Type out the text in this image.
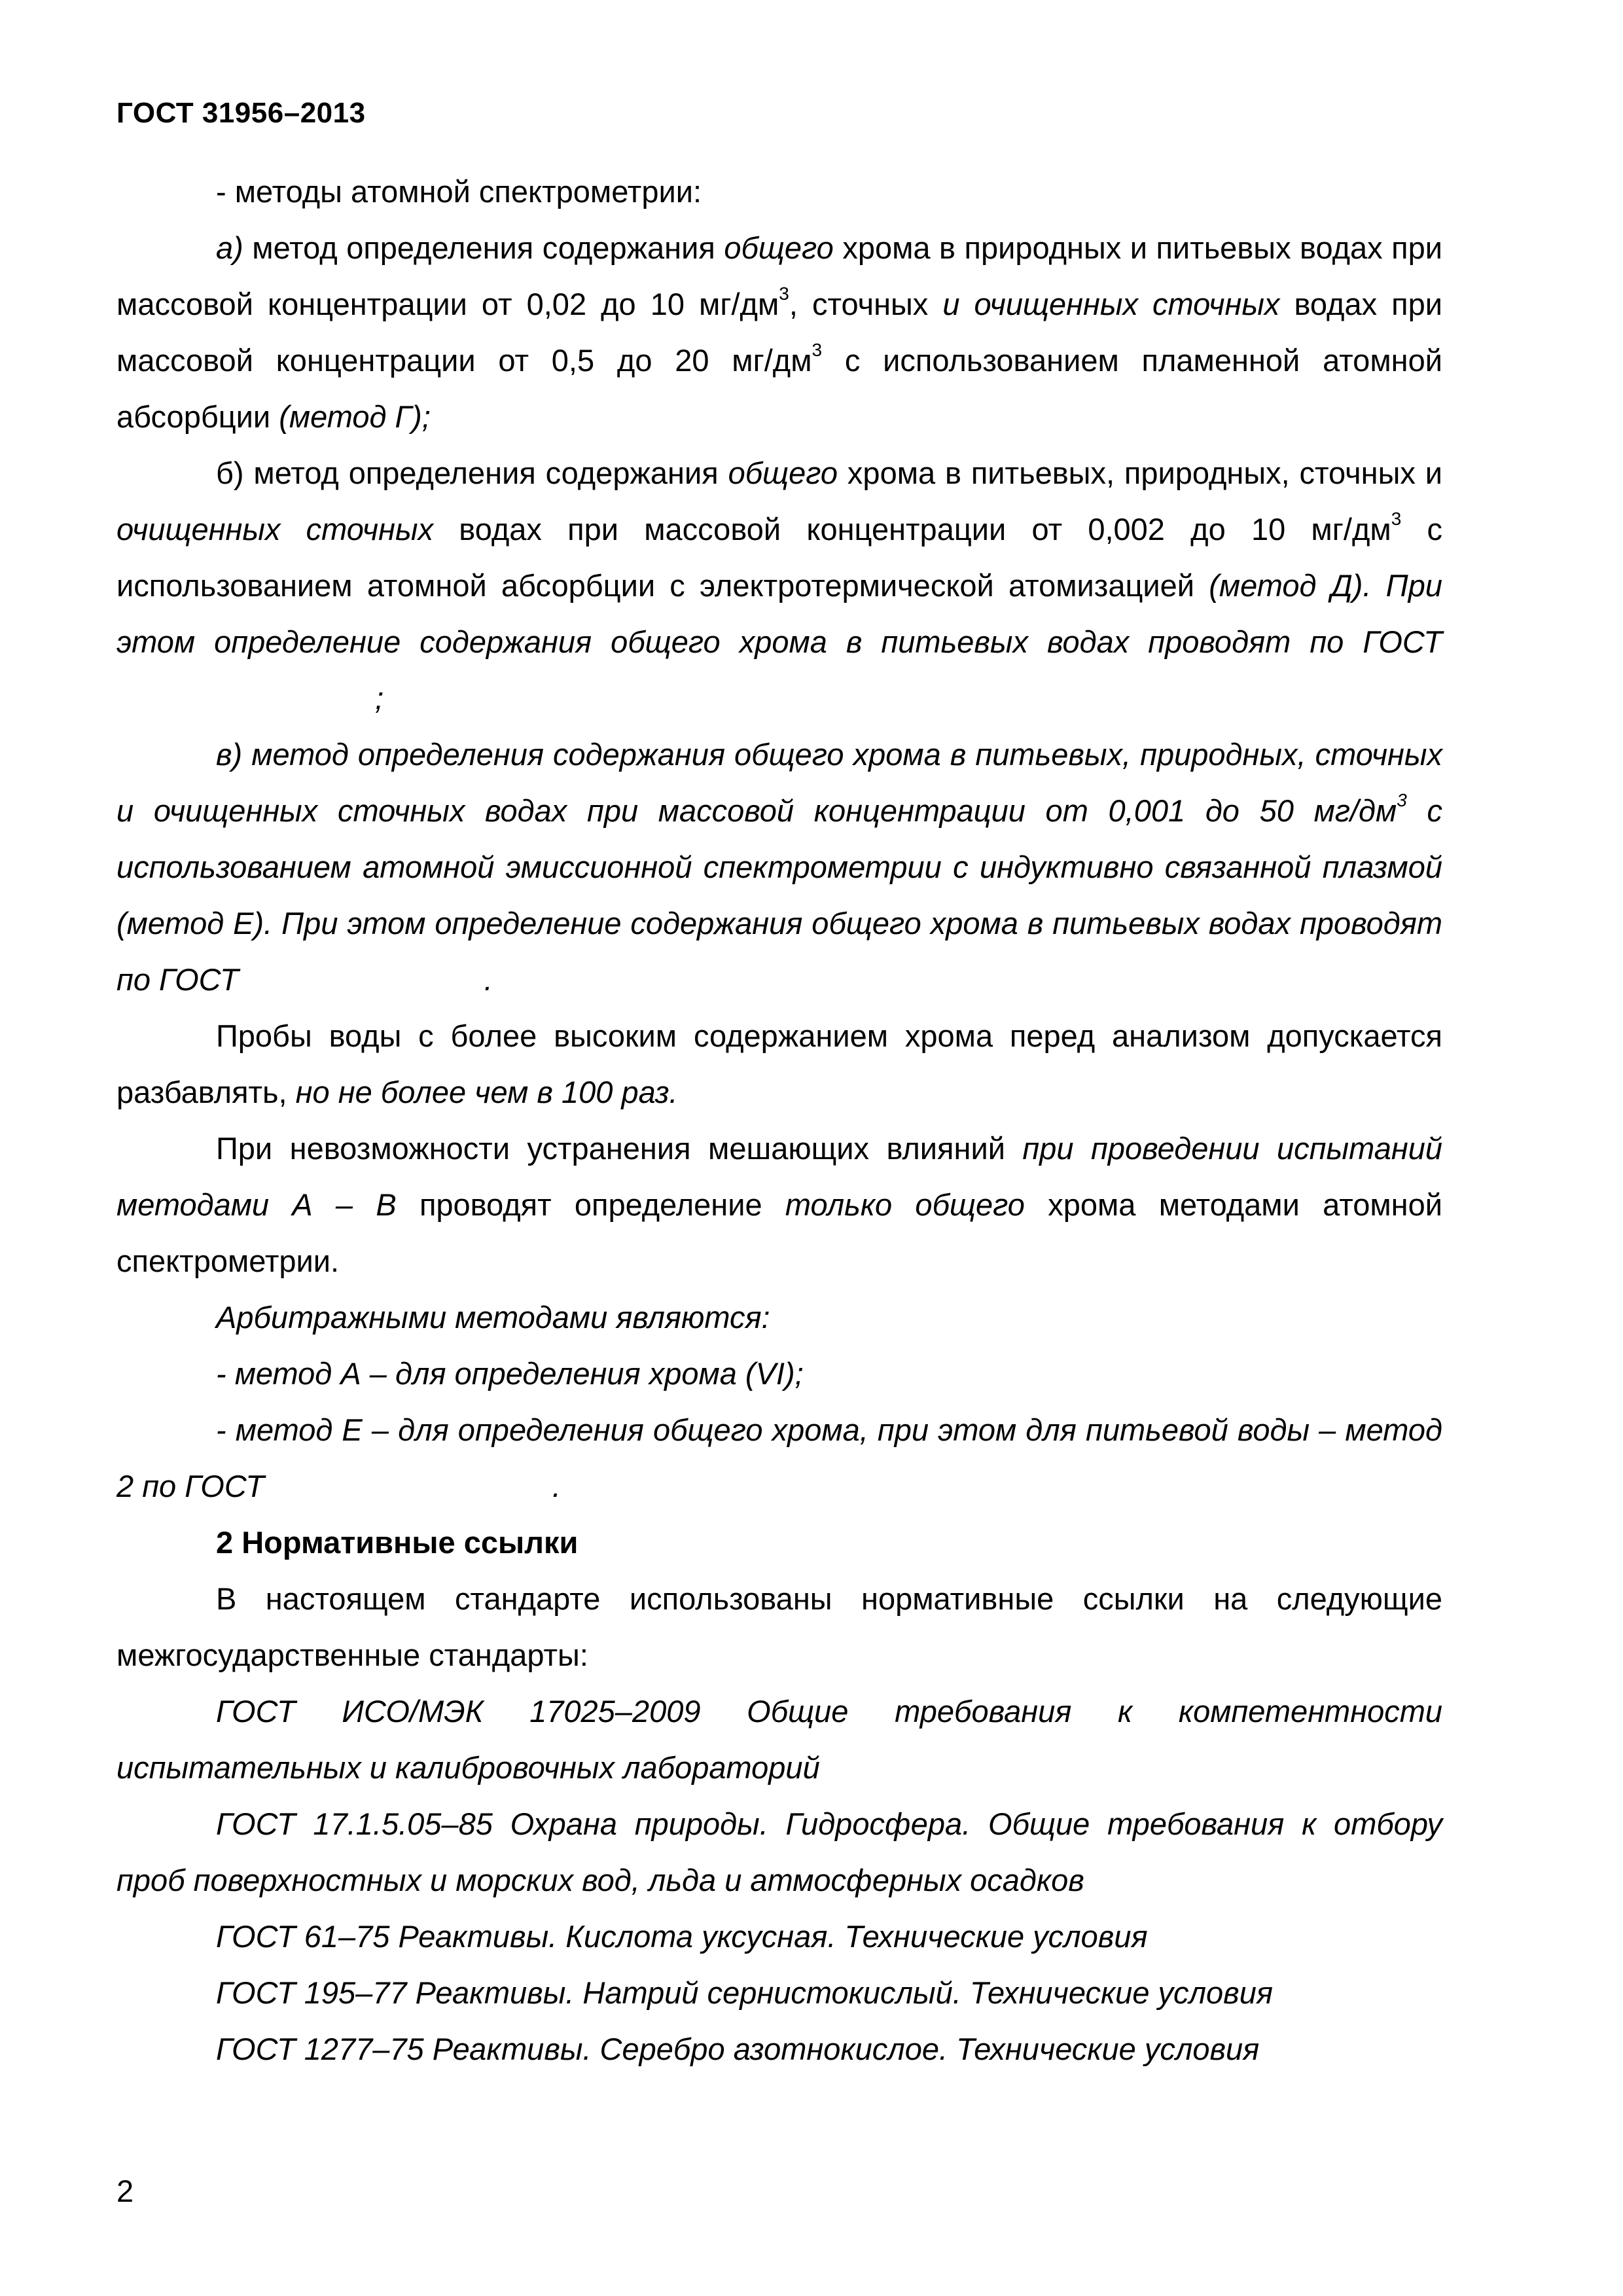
ГОСТ 31956–2013

- методы атомной спектрометрии:

а) метод определения содержания общего хрома в природных и питьевых водах при массовой концентрации от 0,02 до 10 $мг/дм^3$, сточных и очищенных сточных водах при массовой концентрации от 0,5 до 20 $мг/дм^3$ с использованием пламенной атомной абсорбции (метод Г);

б) метод определения содержания общего хрома в питьевых, природных, сточных и очищенных сточных водах при массовой концентрации от 0,002 до 10 $мг/дм^3$ с использованием атомной абсорбции с электротермической атомизацией (метод Д). При этом определение содержания общего хрома в питьевых водах проводят по ГОСТ;

в) метод определения содержания общего хрома в питьевых, природных, сточных и очищенных сточных водах при массовой концентрации от 0,001 до 50 $мг/дм^3$ с использованием атомной эмиссионной спектрометрии с индуктивно связанной плазмой (метод Е). При этом определение содержания общего хрома в питьевых водах проводят по ГОСТ	.

Пробы воды с более высоким содержанием хрома перед анализом допускается разбавлять, но не более чем в 100 раз.

При невозможности устранения мешающих влияний при проведении испытаний методами А – В проводят определение только общего хрома методами атомной спектрометрии.

Арбитражными методами являются:

- метод А – для определения хрома (VI);

- метод Е – для определения общего хрома, при этом для питьевой воды – метод 2 по ГОСТ	.

2 Нормативные ссылки

В настоящем стандарте использованы нормативные ссылки на следующие межгосударственные стандарты:

ГОСТ ИСО/МЭК 17025–2009 Общие требования к компетентности испытательных и калибровочных лабораторий

ГОСТ 17.1.5.05–85 Охрана природы. Гидросфера. Общие требования к отбору проб поверхностных и морских вод, льда и атмосферных осадков

ГОСТ 61–75 Реактивы. Кислота уксусная. Технические условия

ГОСТ 195–77 Реактивы. Натрий сернистокислый. Технические условия

ГОСТ 1277–75 Реактивы. Серебро азотнокислое. Технические условия

2
